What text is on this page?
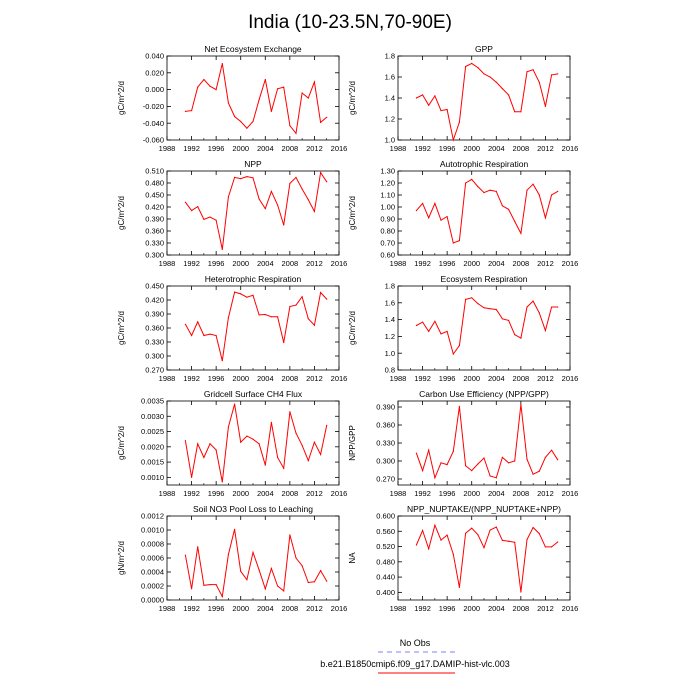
India (10-23.5N,70-90E)
Net Ecosystem Exchange
gC/m^2/d
1988 1992 1996 2000 2004 2008 2012 2016
-0.060
-0.040
-0.020
0.000
0.020
0.040
GPP
gC/m^2/d
1988 1992 1996 2000 2004 2008 2012 2016
1.0
1.2
1.4
1.6
1.8
NPP
gC/m^2/d
1988 1992 1996 2000 2004 2008 2012 2016
0.300
0.330
0.360
0.390
0.420
0.450
0.480
0.510
Autotrophic Respiration
gC/m^2/d
1988 1992 1996 2000 2004 2008 2012 2016
0.60
0.70
0.80
0.90
1.00
1.10
1.20
1.30
Heterotrophic Respiration
gC/m^2/d
1988 1992 1996 2000 2004 2008 2012 2016
0.270
0.300
0.330
0.360
0.390
0.420
0.450
Ecosystem Respiration
gC/m^2/d
1988 1992 1996 2000 2004 2008 2012 2016
0.8
1.0
1.2
1.4
1.6
1.8
Gridcell Surface CH4 Flux
gC/m^2/d
1988 1992 1996 2000 2004 2008 2012 2016
0.0010
0.0015
0.0020
0.0025
0.0030
0.0035
Carbon Use Efficiency (NPP/GPP)
NPP/GPP
1988 1992 1996 2000 2004 2008 2012 2016
0.270
0.300
0.330
0.360
0.390
Soil NO3 Pool Loss to Leaching
gN/m^2/d
1988 1992 1996 2000 2004 2008 2012 2016
0.0000
0.0002
0.0004
0.0006
0.0008
0.0010
0.0012
NPP_NUPTAKE/(NPP_NUPTAKE+NPP)
NA
1988 1992 1996 2000 2004 2008 2012 2016
0.400
0.440
0.480
0.520
0.560
0.600
No Obs
b.e21.B1850cmip6.f09_g17.DAMIP-hist-vlc.003
